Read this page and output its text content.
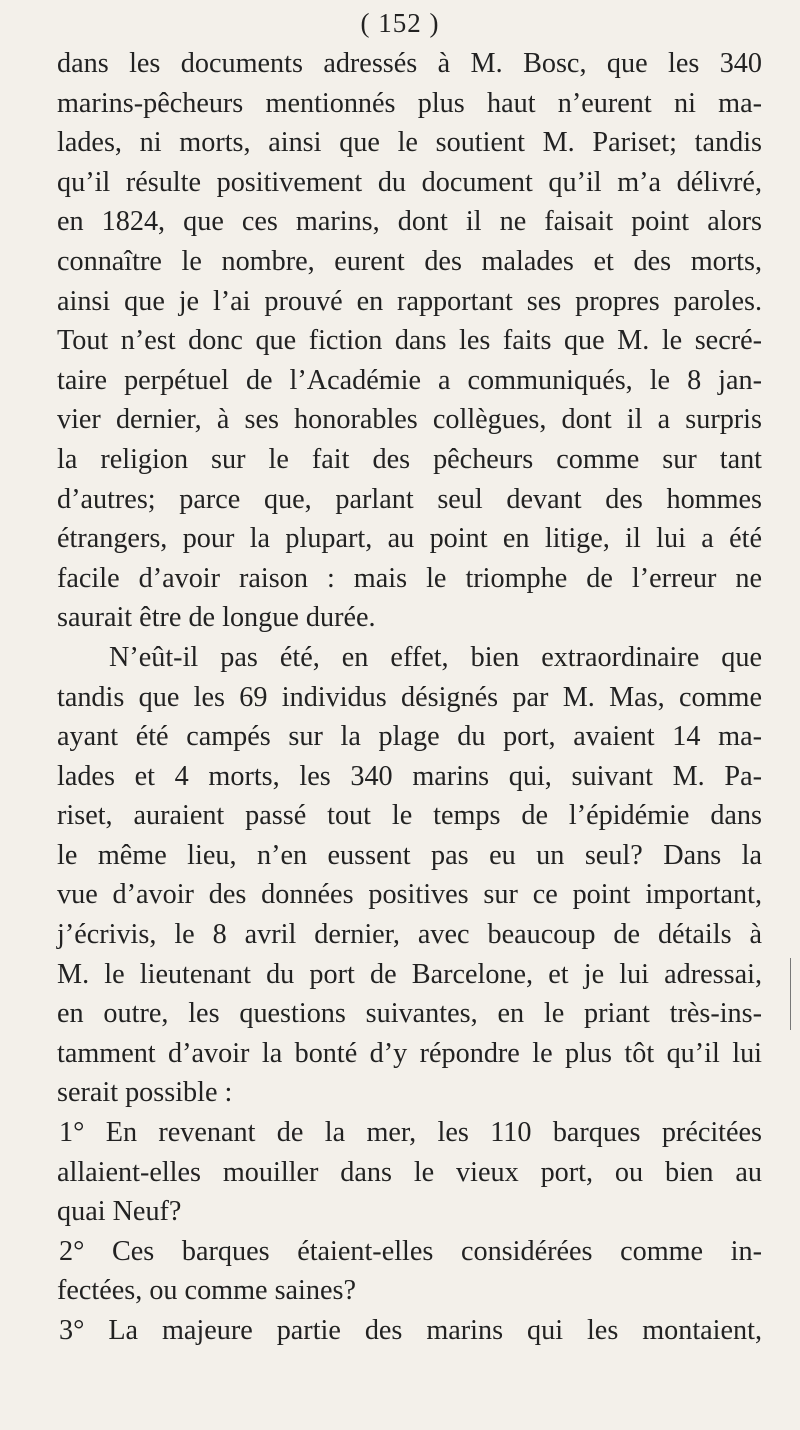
( 152 )
dans les documents adressés à M. Bosc, que les 340
marins-pêcheurs mentionnés plus haut n’eurent ni ma-
lades, ni morts, ainsi que le soutient M. Pariset; tandis
qu’il résulte positivement du document qu’il m’a délivré,
en 1824, que ces marins, dont il ne faisait point alors
connaître le nombre, eurent des malades et des morts,
ainsi que je l’ai prouvé en rapportant ses propres paroles.
Tout n’est donc que fiction dans les faits que M. le secré-
taire perpétuel de l’Académie a communiqués, le 8 jan-
vier dernier, à ses honorables collègues, dont il a surpris
la religion sur le fait des pêcheurs comme sur tant
d’autres; parce que, parlant seul devant des hommes
étrangers, pour la plupart, au point en litige, il lui a été
facile d’avoir raison : mais le triomphe de l’erreur ne
saurait être de longue durée.
N’eût-il pas été, en effet, bien extraordinaire que
tandis que les 69 individus désignés par M. Mas, comme
ayant été campés sur la plage du port, avaient 14 ma-
lades et 4 morts, les 340 marins qui, suivant M. Pa-
riset, auraient passé tout le temps de l’épidémie dans
le même lieu, n’en eussent pas eu un seul? Dans la
vue d’avoir des données positives sur ce point important,
j’écrivis, le 8 avril dernier, avec beaucoup de détails à
M. le lieutenant du port de Barcelone, et je lui adressai,
en outre, les questions suivantes, en le priant très-ins-
tamment d’avoir la bonté d’y répondre le plus tôt qu’il lui
serait possible :
1° En revenant de la mer, les 110 barques précitées
allaient-elles mouiller dans le vieux port, ou bien au
quai Neuf?
2° Ces barques étaient-elles considérées comme in-
fectées, ou comme saines?
3° La majeure partie des marins qui les montaient,
